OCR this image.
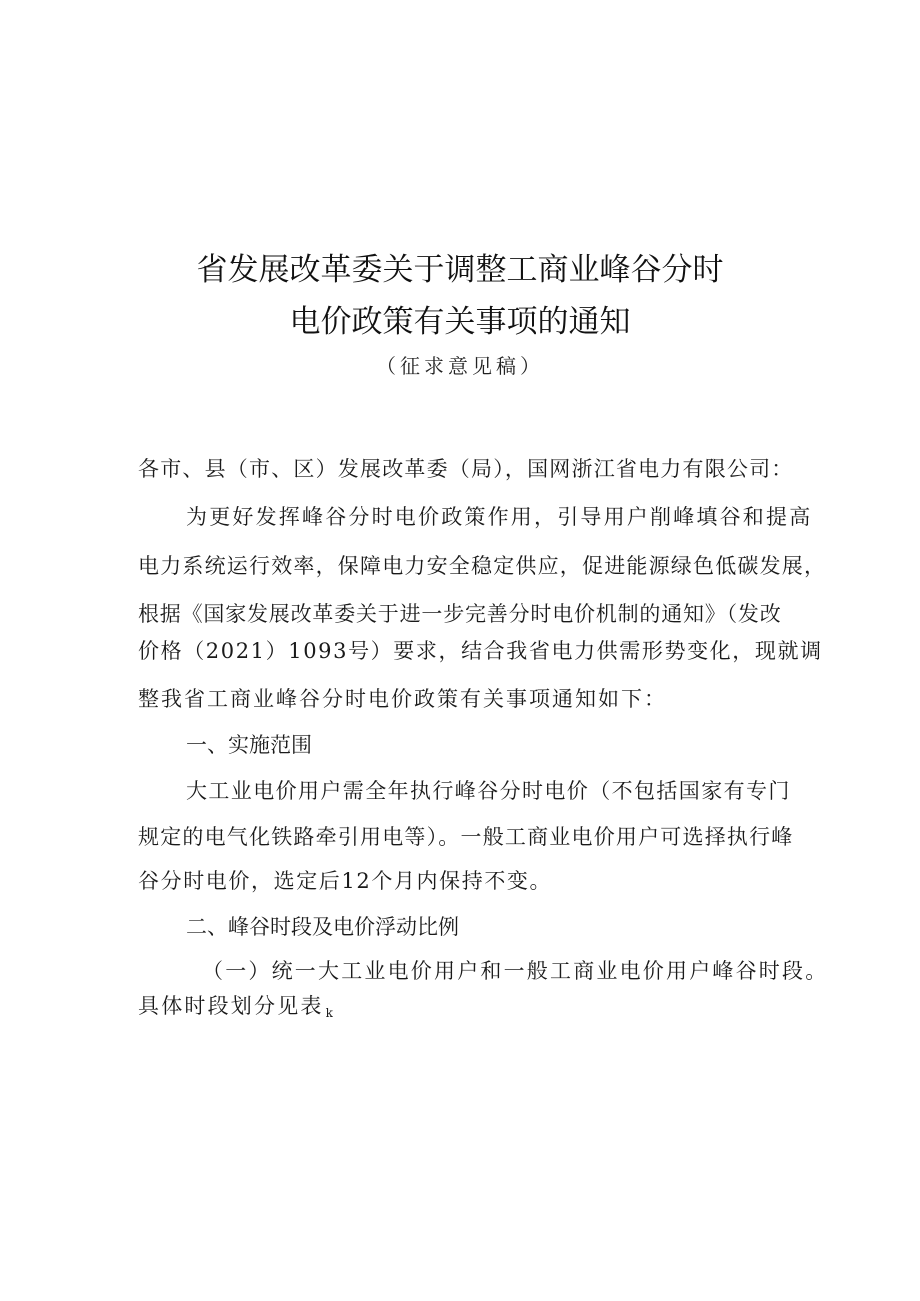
省发展改革委关于调整工商业峰谷分时
电价政策有关事项的通知
（征求意见稿）
各市、县（市、区）发展改革委（局），国网浙江省电力有限公司：
为更好发挥峰谷分时电价政策作用，引导用户削峰填谷和提高
电力系统运行效率，保障电力安全稳定供应，促进能源绿色低碳发展，
根据《国家发展改革委关于进一步完善分时电价机制的通知》（发改
价格（2021）1093号）要求，结合我省电力供需形势变化，现就调
整我省工商业峰谷分时电价政策有关事项通知如下：
一、实施范围
大工业电价用户需全年执行峰谷分时电价（不包括国家有专门
规定的电气化铁路牵引用电等）。一般工商业电价用户可选择执行峰
谷分时电价，选定后12个月内保持不变。
二、峰谷时段及电价浮动比例
（一）统一大工业电价用户和一般工商业电价用户峰谷时段。
具体时段划分见表 k
